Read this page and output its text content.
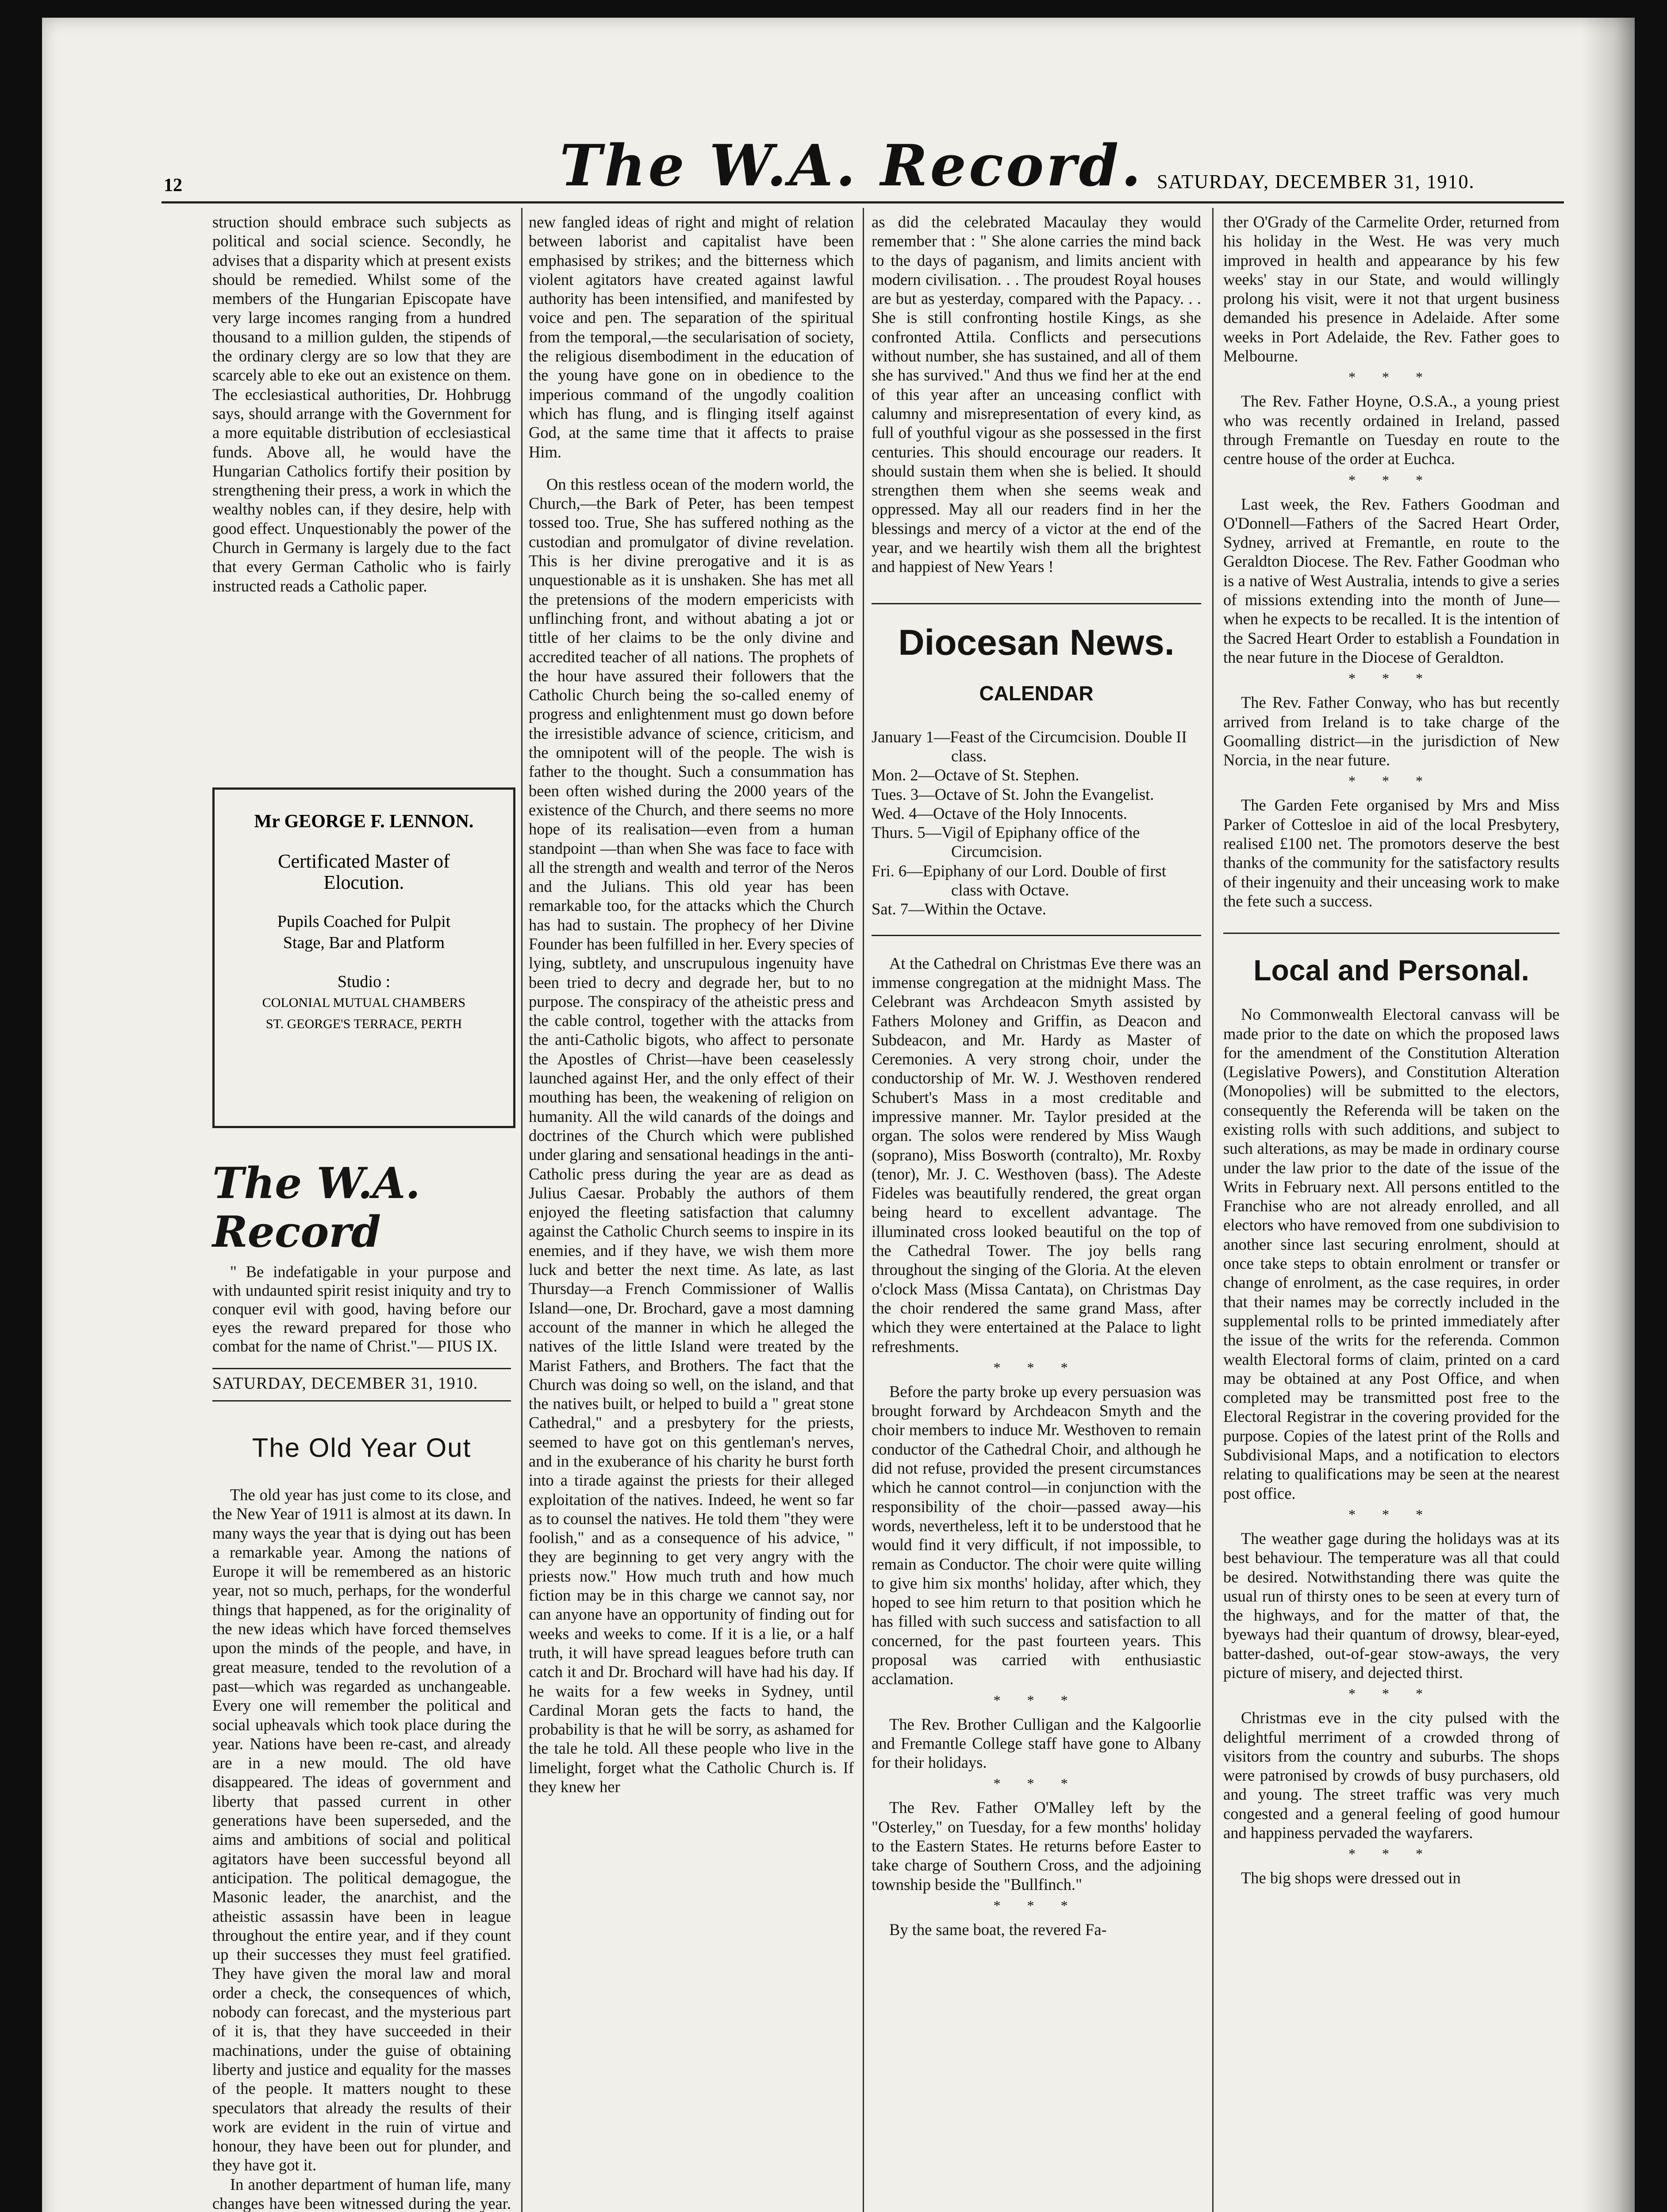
12	The W.A. Record. SATURDAY, DECEMBER 31, 1910.

struction should embrace such subjects as political and social science. Secondly, he advises that a disparity which at present exists should be remedied. Whilst some of the members of the Hungarian Episcopate have very large incomes ranging from a hundred thousand to a million gulden, the stipends of the ordinary clergy are so low that they are scarcely able to eke out an existence on them. The ecclesiastical authorities, Dr. Hohbrugg says, should arrange with the Government for a more equitable distribution of ecclesiastical funds. Above all, he would have the Hungarian Catholics fortify their position by strengthening their press, a work in which the wealthy nobles can, if they desire, help with good effect. Unquestionably the power of the Church in Germany is largely due to the fact that every German Catholic who is fairly instructed reads a Catholic paper.

Mr GEORGE F. LENNON.
Certificated Master of
Elocution.
Pupils Coached for Pulpit
Stage, Bar and Platform
Studio :
COLONIAL MUTUAL CHAMBERS
ST. GEORGE'S TERRACE, PERTH
The W.A. Record

" Be indefatigable in your purpose and with undaunted spirit resist iniquity and try to conquer evil with good, having before our eyes the reward prepared for those who combat for the name of Christ."— PIUS IX.

SATURDAY, DECEMBER 31, 1910.
The Old Year Out

The old year has just come to its close, and the New Year of 1911 is almost at its dawn. In many ways the year that is dying out has been a remarkable year. Among the nations of Europe it will be remembered as an historic year, not so much, perhaps, for the wonderful things that happened, as for the originality of the new ideas which have forced themselves upon the minds of the people, and have, in great measure, tended to the revolution of a past—which was regarded as unchangeable. Every one will remember the political and social upheavals which took place during the year. Nations have been re-cast, and already are in a new mould. The old have disappeared. The ideas of government and liberty that passed current in other generations have been superseded, and the aims and ambitions of social and political agitators have been successful beyond all anticipation. The political demagogue, the Masonic leader, the anarchist, and the atheistic assassin have been in league throughout the entire year, and if they count up their successes they must feel gratified. They have given the moral law and moral order a check, the consequences of which, nobody can forecast, and the mysterious part of it is, that they have succeeded in their machinations, under the guise of obtaining liberty and justice and equality for the masses of the people. It matters nought to these speculators that already the results of their work are evident in the ruin of virtue and honour, they have been out for plunder, and they have got it.

In another department of human life, many changes have been witnessed during the year.

new fangled ideas of right and might of relation between laborist and capitalist have been emphasised by strikes; and the bitterness which violent agitators have created against lawful authority has been intensified, and manifested by voice and pen. The separation of the spiritual from the temporal,—the secularisation of society, the religious disembodiment in the education of the young have gone on in obedience to the imperious command of the ungodly coalition which has flung, and is flinging itself against God, at the same time that it affects to praise Him.

On this restless ocean of the modern world, the Church,—the Bark of Peter, has been tempest tossed too. True, She has suffered nothing as the custodian and promulgator of divine revelation. This is her divine prerogative and it is as unquestionable as it is unshaken. She has met all the pretensions of the modern empericists with unflinching front, and without abating a jot or tittle of her claims to be the only divine and accredited teacher of all nations. The prophets of the hour have assured their followers that the Catholic Church being the so-called enemy of progress and enlightenment must go down before the irresistible advance of science, criticism, and the omnipotent will of the people. The wish is father to the thought. Such a consummation has been often wished during the 2000 years of the existence of the Church, and there seems no more hope of its realisation—even from a human standpoint —than when She was face to face with all the strength and wealth and terror of the Neros and the Julians. This old year has been remarkable too, for the attacks which the Church has had to sustain. The prophecy of her Divine Founder has been fulfilled in her. Every species of lying, subtlety, and unscrupulous ingenuity have been tried to decry and degrade her, but to no purpose. The conspiracy of the atheistic press and the cable control, together with the attacks from the anti-Catholic bigots, who affect to personate the Apostles of Christ—have been ceaselessly launched against Her, and the only effect of their mouthing has been, the weakening of religion on humanity. All the wild canards of the doings and doctrines of the Church which were published under glaring and sensational headings in the anti-Catholic press during the year are as dead as Julius Caesar. Probably the authors of them enjoyed the fleeting satisfaction that calumny against the Catholic Church seems to inspire in its enemies, and if they have, we wish them more luck and better the next time. As late, as last Thursday—a French Commissioner of Wallis Island—one, Dr. Brochard, gave a most damning account of the manner in which he alleged the natives of the little Island were treated by the Marist Fathers, and Brothers. The fact that the Church was doing so well, on the island, and that the natives built, or helped to build a " great stone Cathedral," and a presbytery for the priests, seemed to have got on this gentleman's nerves, and in the exuberance of his charity he burst forth into a tirade against the priests for their alleged exploitation of the natives. Indeed, he went so far as to counsel the natives. He told them "they were foolish," and as a consequence of his advice, " they are beginning to get very angry with the priests now." How much truth and how much fiction may be in this charge we cannot say, nor can anyone have an opportunity of finding out for weeks and weeks to come. If it is a lie, or a half truth, it will have spread leagues before truth can catch it and Dr. Brochard will have had his day. If he waits for a few weeks in Sydney, until Cardinal Moran gets the facts to hand, the probability is that he will be sorry, as ashamed for the tale he told. All these people who live in the limelight, forget what the Catholic Church is. If they knew her

as did the celebrated Macaulay they would remember that : " She alone carries the mind back to the days of paganism, and limits ancient with modern civilisation. . . The proudest Royal houses are but as yesterday, compared with the Papacy. . . She is still confronting hostile Kings, as she confronted Attila. Conflicts and persecutions without number, she has sustained, and all of them she has survived." And thus we find her at the end of this year after an unceasing conflict with calumny and misrepresentation of every kind, as full of youthful vigour as she possessed in the first centuries. This should encourage our readers. It should sustain them when she is belied. It should strengthen them when she seems weak and oppressed. May all our readers find in her the blessings and mercy of a victor at the end of the year, and we heartily wish them all the brightest and happiest of New Years !

Diocesan News.
CALENDAR

January 1—Feast of the Circumcision. Double II class.

Mon. 2—Octave of St. Stephen.

Tues. 3—Octave of St. John the Evangelist.

Wed. 4—Octave of the Holy Innocents.

Thurs. 5—Vigil of Epiphany office of the Circumcision.

Fri. 6—Epiphany of our Lord. Double of first class with Octave.

Sat. 7—Within the Octave.

At the Cathedral on Christmas Eve there was an immense congregation at the midnight Mass. The Celebrant was Archdeacon Smyth assisted by Fathers Moloney and Griffin, as Deacon and Subdeacon, and Mr. Hardy as Master of Ceremonies. A very strong choir, under the conductorship of Mr. W. J. Westhoven rendered Schubert's Mass in a most creditable and impressive manner. Mr. Taylor presided at the organ. The solos were rendered by Miss Waugh (soprano), Miss Bosworth (contralto), Mr. Roxby (tenor), Mr. J. C. Westhoven (bass). The Adeste Fideles was beautifully rendered, the great organ being heard to excellent advantage. The illuminated cross looked beautiful on the top of the Cathedral Tower. The joy bells rang throughout the singing of the Gloria. At the eleven o'clock Mass (Missa Cantata), on Christmas Day the choir rendered the same grand Mass, after which they were entertained at the Palace to light refreshments.

* * *

Before the party broke up every persuasion was brought forward by Archdeacon Smyth and the choir members to induce Mr. Westhoven to remain conductor of the Cathedral Choir, and although he did not refuse, provided the present circumstances which he cannot control—in conjunction with the responsibility of the choir—passed away—his words, nevertheless, left it to be understood that he would find it very difficult, if not impossible, to remain as Conductor. The choir were quite willing to give him six months' holiday, after which, they hoped to see him return to that position which he has filled with such success and satisfaction to all concerned, for the past fourteen years. This proposal was carried with enthusiastic acclamation.

* * *

The Rev. Brother Culligan and the Kalgoorlie and Fremantle College staff have gone to Albany for their holidays.

* * *

The Rev. Father O'Malley left by the "Osterley," on Tuesday, for a few months' holiday to the Eastern States. He returns before Easter to take charge of Southern Cross, and the adjoining township beside the "Bullfinch."

* * *

By the same boat, the revered Fa-

ther O'Grady of the Carmelite Order, returned from his holiday in the West. He was very much improved in health and appearance by his few weeks' stay in our State, and would willingly prolong his visit, were it not that urgent business demanded his presence in Adelaide. After some weeks in Port Adelaide, the Rev. Father goes to Melbourne.

* * *

The Rev. Father Hoyne, O.S.A., a young priest who was recently ordained in Ireland, passed through Fremantle on Tuesday en route to the centre house of the order at Euchca.

* * *

Last week, the Rev. Fathers Goodman and O'Donnell—Fathers of the Sacred Heart Order, Sydney, arrived at Fremantle, en route to the Geraldton Diocese. The Rev. Father Goodman who is a native of West Australia, intends to give a series of missions extending into the month of June—when he expects to be recalled. It is the intention of the Sacred Heart Order to establish a Foundation in the near future in the Diocese of Geraldton.

* * *

The Rev. Father Conway, who has but recently arrived from Ireland is to take charge of the Goomalling district—in the jurisdiction of New Norcia, in the near future.

* * *

The Garden Fete organised by Mrs and Miss Parker of Cottesloe in aid of the local Presbytery, realised £100 net. The promotors deserve the best thanks of the community for the satisfactory results of their ingenuity and their unceasing work to make the fete such a success.

Local and Personal.

No Commonwealth Electoral canvass will be made prior to the date on which the proposed laws for the amendment of the Constitution Alteration (Legislative Powers), and Constitution Alteration (Monopolies) will be submitted to the electors, consequently the Referenda will be taken on the existing rolls with such additions, and subject to such alterations, as may be made in ordinary course under the law prior to the date of the issue of the Writs in February next. All persons entitled to the Franchise who are not already enrolled, and all electors who have removed from one subdivision to another since last securing enrolment, should at once take steps to obtain enrolment or transfer or change of enrolment, as the case requires, in order that their names may be correctly included in the supplemental rolls to be printed immediately after the issue of the writs for the referenda. Common wealth Electoral forms of claim, printed on a card may be obtained at any Post Office, and when completed may be transmitted post free to the Electoral Registrar in the covering provided for the purpose. Copies of the latest print of the Rolls and Subdivisional Maps, and a notification to electors relating to qualifications may be seen at the nearest post office.

* * *

The weather gage during the holidays was at its best behaviour. The temperature was all that could be desired. Notwithstanding there was quite the usual run of thirsty ones to be seen at every turn of the highways, and for the matter of that, the byeways had their quantum of drowsy, blear-eyed, batter-dashed, out-of-gear stow-aways, the very picture of misery, and dejected thirst.

* * *

Christmas eve in the city pulsed with the delightful merriment of a crowded throng of visitors from the country and suburbs. The shops were patronised by crowds of busy purchasers, old and young. The street traffic was very much congested and a general feeling of good humour and happiness pervaded the wayfarers.

* * *

The big shops were dressed out in
